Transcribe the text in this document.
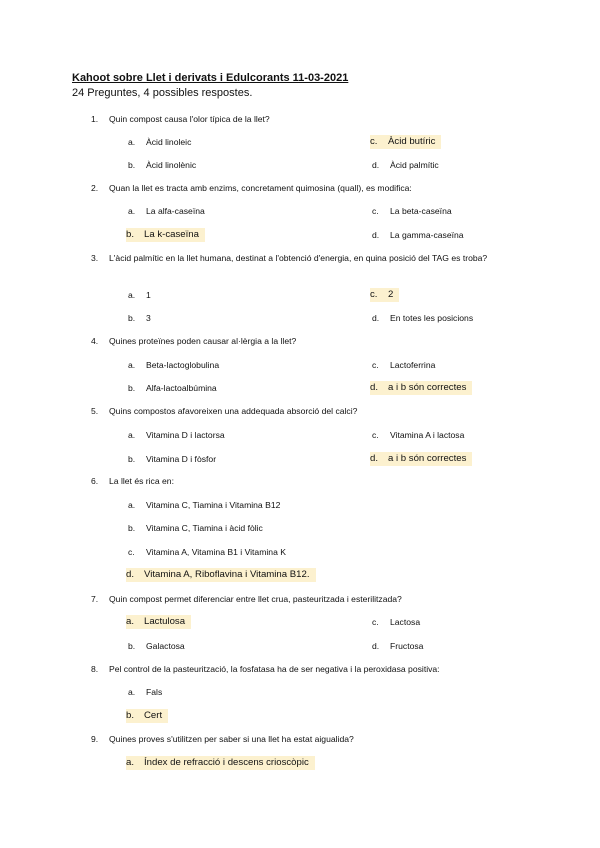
Kahoot sobre Llet i derivats i Edulcorants 11-03-2021
24 Preguntes, 4 possibles respostes.
1. Quin compost causa l'olor típica de la llet?
a. Àcid linoleic
b. Àcid linolènic
c. Àcid butíric
d. Àcid palmític
2. Quan la llet es tracta amb enzims, concretament quimosina (quall), es modifica:
a. La alfa-caseïna
b. La k-caseïna
c. La beta-caseïna
d. La gamma-caseïna
3. L'àcid palmític en la llet humana, destinat a l'obtenció d'energia, en quina posició del TAG es troba?
a. 1
b. 3
c. 2
d. En totes les posicions
4. Quines proteïnes poden causar al·lèrgia a la llet?
a. Beta-lactoglobulina
b. Alfa-lactoalbúmina
c. Lactoferrina
d. a i b són correctes
5. Quins compostos afavoreixen una addequada absorció del calci?
a. Vitamina D i lactorsa
b. Vitamina D i fòsfor
c. Vitamina A i lactosa
d. a i b són correctes
6. La llet és rica en:
a. Vitamina C, Tiamina i Vitamina B12
b. Vitamina C, Tiamina i àcid fòlic
c. Vitamina A, Vitamina B1 i Vitamina K
d. Vitamina A, Riboflavina i Vitamina B12.
7. Quin compost permet diferenciar entre llet crua, pasteuritzada i esterilitzada?
a. Lactulosa
b. Galactosa
c. Lactosa
d. Fructosa
8. Pel control de la pasteurització, la fosfatasa ha de ser negativa i la peroxidasa positiva:
a. Fals
b. Cert
9. Quines proves s'utilitzen per saber si una llet ha estat aigualida?
a. Índex de refracció i descens crioscòpic
